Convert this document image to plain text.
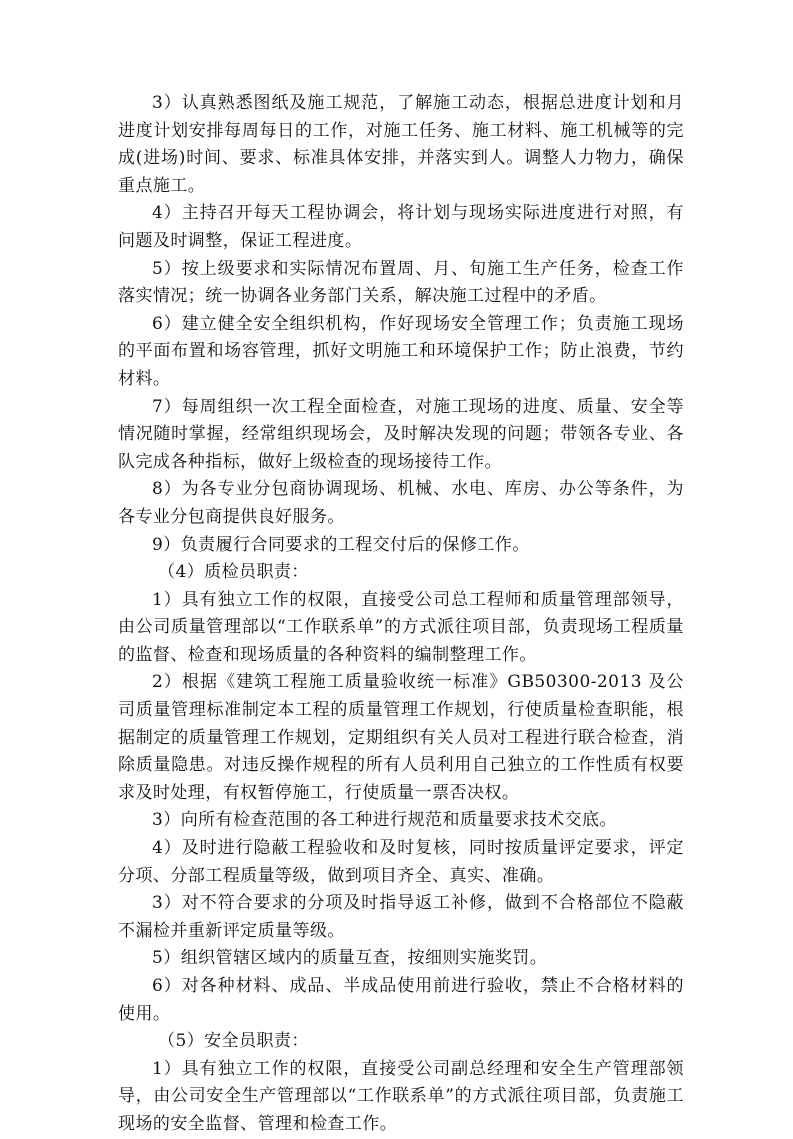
3）认真熟悉图纸及施工规范，了解施工动态，根据总进度计划和月进度计划安排每周每日的工作，对施工任务、施工材料、施工机械等的完成(进场)时间、要求、标准具体安排，并落实到人。调整人力物力，确保重点施工。

4）主持召开每天工程协调会，将计划与现场实际进度进行对照，有问题及时调整，保证工程进度。

5）按上级要求和实际情况布置周、月、旬施工生产任务，检查工作落实情况；统一协调各业务部门关系，解决施工过程中的矛盾。

6）建立健全安全组织机构，作好现场安全管理工作；负责施工现场的平面布置和场容管理，抓好文明施工和环境保护工作；防止浪费，节约材料。

7）每周组织一次工程全面检查，对施工现场的进度、质量、安全等情况随时掌握，经常组织现场会，及时解决发现的问题；带领各专业、各队完成各种指标，做好上级检查的现场接待工作。

8）为各专业分包商协调现场、机械、水电、库房、办公等条件，为各专业分包商提供良好服务。

9）负责履行合同要求的工程交付后的保修工作。

（4）质检员职责：

1）具有独立工作的权限，直接受公司总工程师和质量管理部领导，由公司质量管理部以“工作联系单”的方式派往项目部，负责现场工程质量的监督、检查和现场质量的各种资料的编制整理工作。

2）根据《建筑工程施工质量验收统一标准》GB50300-2013 及公司质量管理标准制定本工程的质量管理工作规划，行使质量检查职能，根据制定的质量管理工作规划，定期组织有关人员对工程进行联合检查，消除质量隐患。对违反操作规程的所有人员利用自己独立的工作性质有权要求及时处理，有权暂停施工，行使质量一票否决权。

3）向所有检查范围的各工种进行规范和质量要求技术交底。

4）及时进行隐蔽工程验收和及时复核，同时按质量评定要求，评定分项、分部工程质量等级，做到项目齐全、真实、准确。

3）对不符合要求的分项及时指导返工补修，做到不合格部位不隐蔽不漏检并重新评定质量等级。

5）组织管辖区域内的质量互查，按细则实施奖罚。

6）对各种材料、成品、半成品使用前进行验收，禁止不合格材料的使用。

（5）安全员职责：

1）具有独立工作的权限，直接受公司副总经理和安全生产管理部领导，由公司安全生产管理部以“工作联系单”的方式派往项目部，负责施工现场的安全监督、管理和检查工作。
